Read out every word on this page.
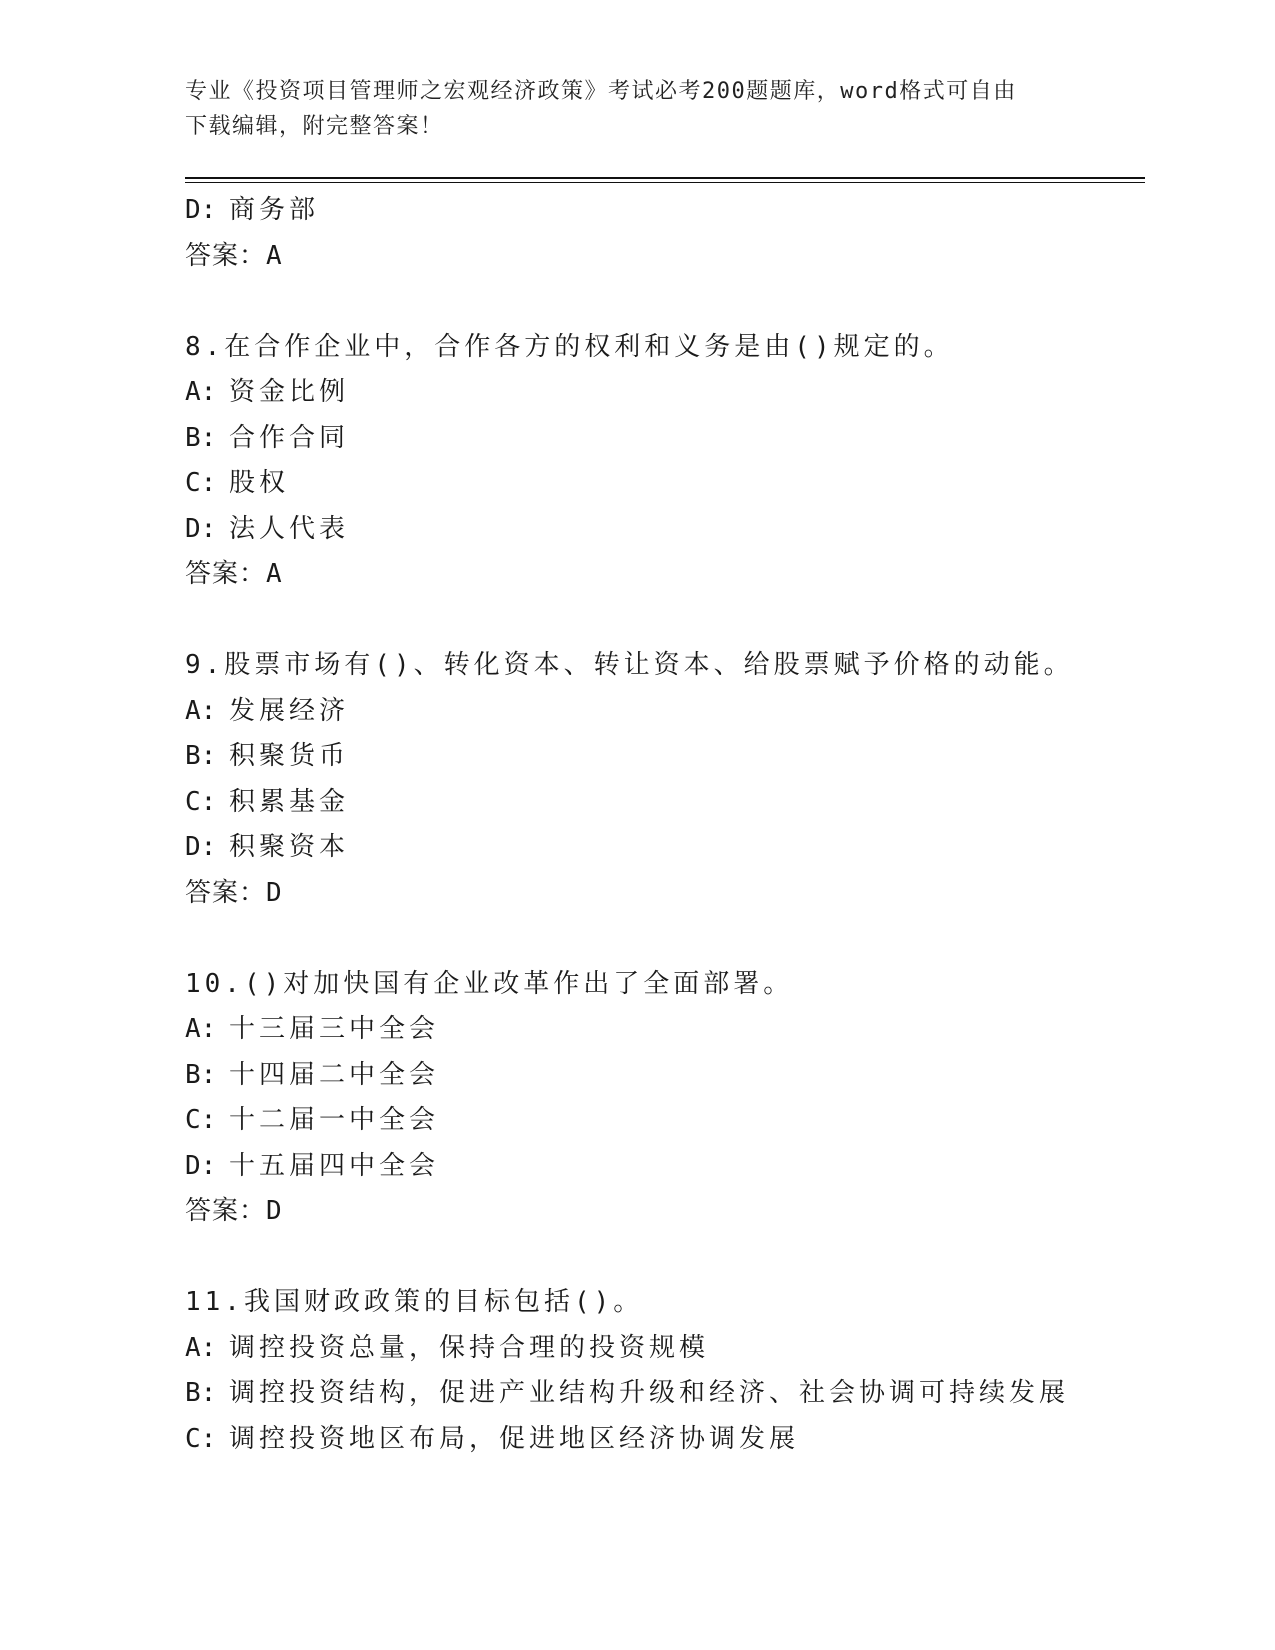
专业《投资项目管理师之宏观经济政策》考试必考200题题库，word格式可自由
下载编辑，附完整答案！
D: 商务部
答案：A
8.在合作企业中，合作各方的权利和义务是由()规定的。
A: 资金比例
B: 合作合同
C: 股权
D: 法人代表
答案：A
9.股票市场有()、转化资本、转让资本、给股票赋予价格的动能。
A: 发展经济
B: 积聚货币
C: 积累基金
D: 积聚资本
答案：D
10.()对加快国有企业改革作出了全面部署。
A: 十三届三中全会
B: 十四届二中全会
C: 十二届一中全会
D: 十五届四中全会
答案：D
11.我国财政政策的目标包括()。
A: 调控投资总量，保持合理的投资规模
B: 调控投资结构，促进产业结构升级和经济、社会协调可持续发展
C: 调控投资地区布局，促进地区经济协调发展
